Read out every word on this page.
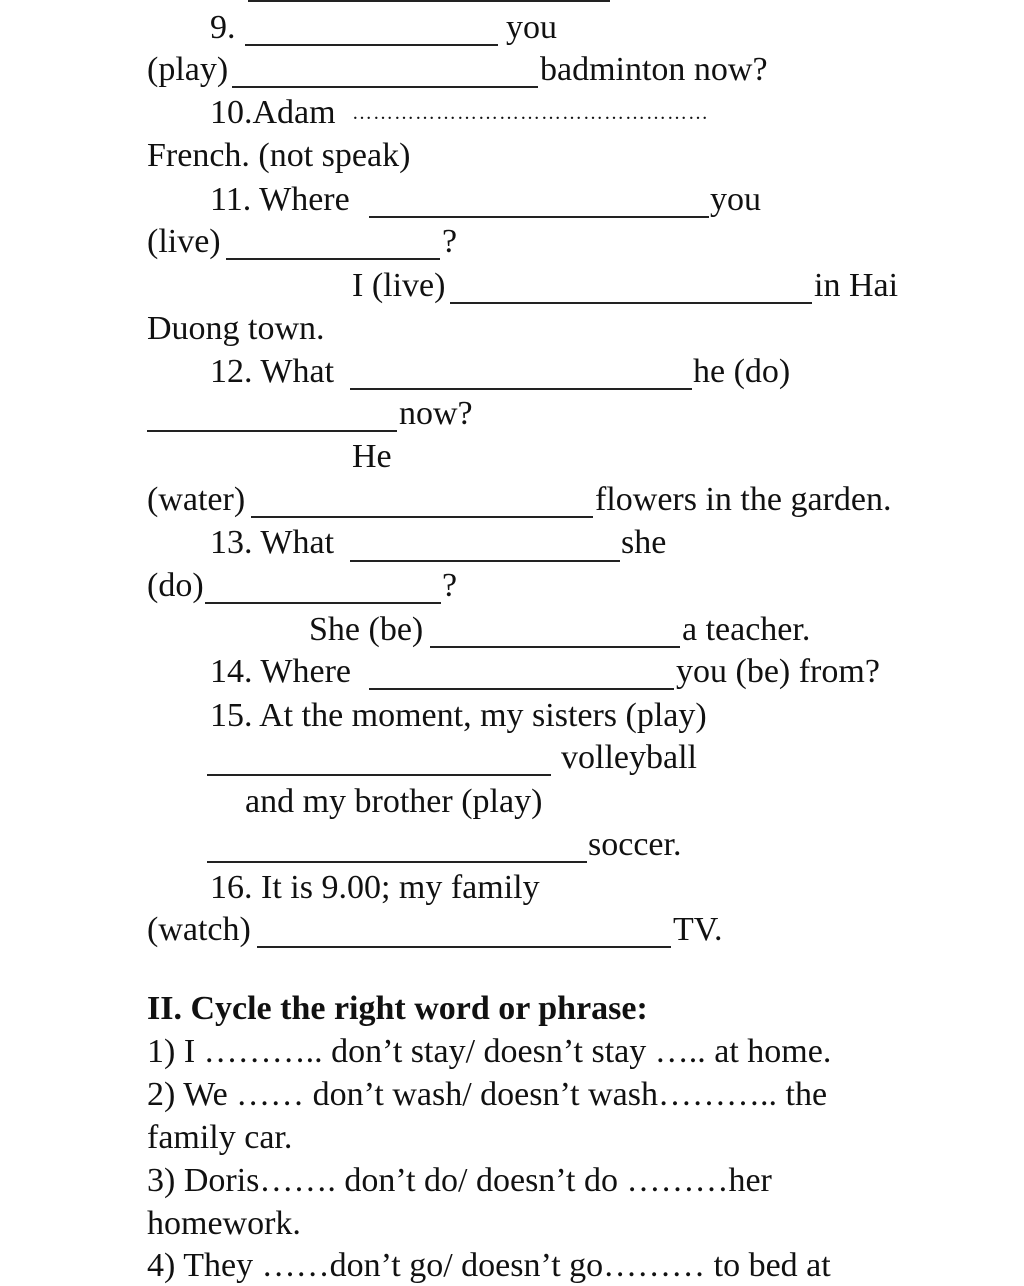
9.	you
(play)	badminton now?
10.Adam ……………………………………………
French. (not speak)
11. Where	you
(live)	?
I (live)	in Hai
Duong town.
12. What	he (do)
now?
He
(water)	flowers in the garden.
13. What	she
(do)	?
She (be)	a teacher.
14. Where	you (be) from?
15. At the moment, my sisters (play)
volleyball
and my brother (play)
soccer.
16. It is 9.00; my family
(watch)	TV.
II. Cycle the right word or phrase:
1) I ……….. don’t stay/ doesn’t stay ….. at home.
2) We …… don’t wash/ doesn’t wash……….. the
family car.
3) Doris……. don’t do/ doesn’t do ………her
homework.
4) They ……don’t go/ doesn’t go……… to bed at
